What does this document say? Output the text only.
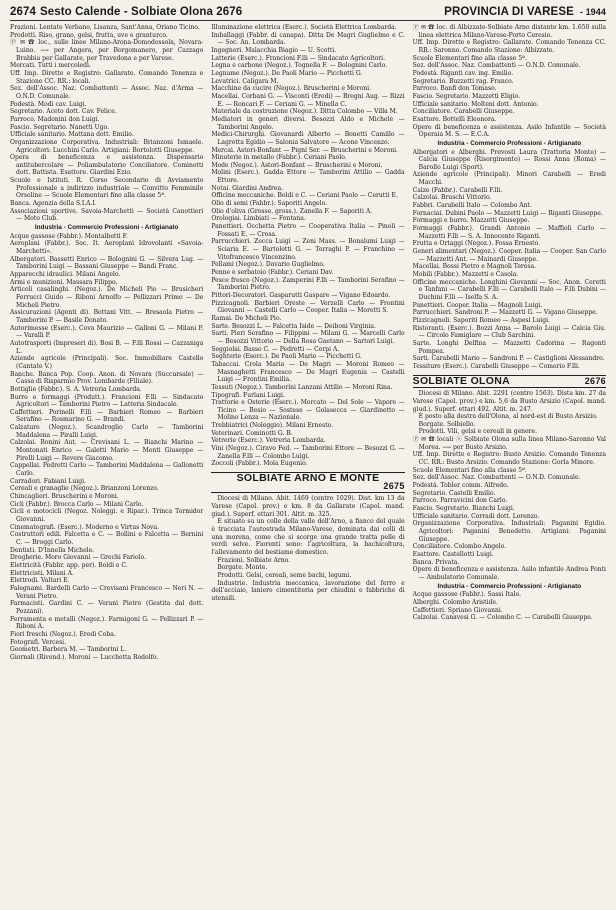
2674 Sesto Calende - Solbiate Olona 2676	PROVINCIA DI VARESE - 1944

Frazioni. Lentate Verbano, Lisanza, Sant'Anna, Oriano Ticino.

Prodotti. Riso, grano, gelsi, frutta, uve e granturco.

Ⓟ ✉ ☎ loc., sulle linee Milano-Arona-Domodossola, Novara-Luino. ⟶ per Angera, per Borgomanero, per Cazzago Brabbia per Gallarate, per Travedona e per Varese.

Mercati. Tutti i mercoledì.

Uff. Imp. Dirette e Registro: Gallarate. Comando Tenenza e Stazione CC. RR.: locali.

Sez. dell'Assoc. Naz. Combattenti — Assoc. Naz. d'Arma — O.N.D. Comunale.

Podestà. Modi cav. Luigi.

Segretario. Aceto dott. Cav. Felice.

Parroco. Madonini don Luigi.

Fascio. Segretario. Nanetti Ugo.

Ufficiale sanitario. Mattana dott. Emilio.

Organizzazione Corporativa. Industriali: Brianzoni Ismaele. Agricoltori: Lucchini Carlo. Artigiani: Bortolotti Giuseppe.

Opera di beneficenza e assistenza. Dispensario antitubercolare — Poliambulatorio Conciliatore. Cominotti dott. Battista. Esattore. Giardini Ezio.

Scuole e Istituti. R. Corso Secondario di Avviamento Professionale a indirizzo industriale — Convitto Femminile Orsoline — Scuole Elementari fino alla classe 5ª.

Banca. Agenzia della S.I.A.I.

Associazioni sportive. Savoia-Marchetti — Società Canottieri — Moto Club.

Industria - Commercio Professioni - Artigianato

Acque gassose (Fabbr.). Montalbetti F.

Aeroplani (Fabbr.). Soc. It. Aeroplani Idrovolanti «Savoia-Marchetti».

Albergatori. Bassetti Enrico — Bolognini G. — Silvera Lug. — Tamborini Luigi — Bassani Giuseppe — Bandi Franc.

Apparecchi idraulici. Milani Angelo.

Armi e munizioni. Massara Filippo.

Articoli casalinghi. (Negoz.). De Micheli Pio — Brusicheri Ferrucci Guido — Riboni Arnolfo — Pellizzari Primo — De Micheli Pietro.

Assicurazioni (Agenti di). Bottani Vitt. — Bresaola Pietro — Tamborini P. — Basile Donato.

Autorimesse (Eserc.). Cova Maurizio — Galloni G. — Milani P. — Varalli P.

Autotrasporti (Impreseri di). Bosi B. — F.lli Rossi — Cazzaniga L.

Aziende agricole (Principali). Soc. Immobiliare Castello (Cantate V.)

Banche. Banca Pop. Coop. Anon. di Novara (Succursale) — Cassa di Risparmio Prov. Lombarde (Filiale).

Bottiglie (Fabbr.). S. A. Vetreria Lombarda.

Burro e formaggi (Produtt.). Francioni F.lli — Sindacato Agricoltori — Tamborini Pietro — Latteria Sindacale.

Caffettieri. Porinelli F.lli — Barbieri Romeo — Barbieri Serafino — Rosmarino G. — Brandi.

Calzature (Negoz.). Scandroglio Carlo — Tamborini Maddalena — Piralli Luigi.

Calzolai. Bonini Aut. — Crevisani L. — Bianchi Marino — Montonati Enrico — Galetti Mario — Menti Giuseppe — Pirelli Luigi — Revere Giacomo.

Cappellai. Pedretti Carlo — Tamborini Maddalena — Gallonetti Carlo.

Carradori. Fabiani Luigi.

Cereali e granaglie (Negoz.). Brianzoni Lorenzo.

Chincaglieri. Bruscherini e Moroni.

Cicli (Fabbr.). Brocca Carlo — Milani Carlo.

Cicli e motocicli (Negoz. Noleggi. e Ripar.). Trinca Tormidor Giovanni.

Cinematografi. (Eserc.). Moderno e Virtus Nova.

Costruttori edili. Falcetta e C. — Bollini e Falcetta — Bernini C. — Broggi Carlo.

Dentisti. D'Innella Michele.

Drogherie. Moro Giovanni — Grechi Fariolo.

Elettricità (Fabbr. app. per). Boldi e C.

Elettricisti. Milani A.

Elettrodi. Valtari E.

Falegnami. Bardelli Carlo — Crevisani Francesco — Neri N. — Verani Pietro.

Farmacisti. Gardini C. — Verani Pietro (Gestita dal dott. Pezzani).

Ferramenta e metalli (Negoz.). Farmigoni G. — Pellizzari P. — Riboni A.

Fiori freschi (Negoz.). Eredi Coba.

Fotografi. Vercesi.

Geometri. Barbera M. — Tamborini L.

Giornali (Rivend.). Moroni — Lucchetta Rodolfo.

Illuminazione elettrica (Eserc.). Società Elettrica Lombarda.

Imballaggi (Fabbr. di canapa). Ditta De Magri Guglielmo e C. — Soc. An. Lombarda.

Ingegneri. Malacchia Biagio — U. Scotti.

Latterie (Eserc.). Francioni F.lli — Sindacato Agricoltori.

Legna e carbone (Negoz.). Tognella F. — Bolognini Carlo.

Legname (Negoz.). De Paoli Mario — Picchetti G.

Levatrici. Caligara M.

Macchine da cucire (Negoz.). Bruscherini e Moroni.

Macellai. Corbani G. — Visconti (Eredi) — Bregni Aug. — Rizzi E. — Roncari F. — Ceriani G. — Minella C.

Materiale da costruzione (Negoz.). Ditta Colombo — Villa M.

Mediatori in generi diversi. Besozzi Aldo e Michele — Tamborini Angelo.

Medici-Chirurghi. Giovanardi Alberto — Bonetti Camillo — Lagrotta Egidio — Salonia Salvatore — Acone Vincenzo.

Mercai. Astori-Bonfant — Pigni Ser. — Bruscherini e Moroni.

Minuterie in metallo (Fabbr.). Ceriani Paolo.

Mode (Negoz.). Astori-Bonfant — Bruscherini e Moroni.

Molini (Eserc.). Gadda Ettore — Tamborini Attilio — Gadda Ettore.

Notai. Giardini Andrea.

Officine meccaniche. Boldi e C. — Ceriani Paolo — Cerutti E.

Olio di semi (Fabbr.). Saporiti Angelo.

Olio d'oliva (Grosse. gross.). Zanella F. — Saporiti A.

Orologiai. Limbiati — Fontana.

Panettieri. Occhetta Pietro — Cooperativa Italia — Pinoli — Fossati E. — Crosa.

Parrucchieri. Zecca Luigi — Zeni Mass. — Bonalumi Luigi — Sciaria E. — Bartolotti G. — Terraghi P. — Franchino — Vitofrancesco Vincenzino.

Pellami (Negoz.). Davario Guglielmo.

Penne e serbatoio (Fabbr.). Ceriani Dav.

Pesce fresco (Negoz.). Zamperini F.lli — Tamborini Serafino — Tamborini Pietro.

Pittori-Decoratori. Gasparutti Gaspare — Vigano Edoardo.

Pizzicagnoli. Barbieri Oreste — Verzelli Carlo — Frontini Giovanni — Castelli Carlo — Cooper. Italia — Moretti S.

Ramai. De Micheli Pio.

Sarte. Besozzi L. — Falcetta Iside — Deiboni Virginia.

Sarti. Pieri Serafino — Filippini — Milani G. — Marcelli Carlo — Besozzi Vittorio — Della Rosa Gaetano — Sartori Luigi.

Seggiolai. Basso C. — Pedretti — Cerpi A.

Seghterie (Eserc.). De Paoli Mario — Picchetti G.

Tabaccai. Crola Maria — De Magri — Moroni Romeo — Masnaghetti Francesco — De Magri Eugenia — Castelli Luigi — Frontini Emilia.

Tessuti (Negoz.). Tamborini Lanzani Attilio — Moroni Rina.

Tipografi. Furlani Luigi.

Trattorie e Osterie (Eserc.). Mercato — Del Sole — Vapore — Ticino — Besio — Sostese — Golasecca — Giardinetto — Molino Lenza — Nazionale.

Trebbiatrici (Noleggio). Milani Ernesto.

Veterinari. Cominotti G. B.

Vetrerie (Eserc.). Vetreria Lombarda.

Vini (Negoz.). Ciravo Fed. — Tamborini Ettore — Besozzi G. — Zanella F.lli — Colombo Luigi.

Zoccoli (Fabbr.). Mola Eugenio.

SOLBIATE ARNO E MONTE
2675

Diocesi di Milano. Abit. 1469 (centro 1029). Dist. km 13 da Varese (Capol. prov.) e km. 8 da Gallarate (Capol. mand. giud.). Superf. ettari 301. Altit. m. 325.

E situato su un colle della valle dell'Arno, a fianco del quale è tracciata l'autostrada Milano-Varese, dominata dai colli di una morena, come che si scorge una grande tratta pelle di verdi selve. Fiorenti sono: l'agricoltura, la bachicoltura, l'allevamento del bestiame domestico.

Frazioni. Solbiate Arno.

Borgate. Monte.

Prodotti. Gelsi, cereali, seme bachi, legumi.

Industrie. Industria meccanica, lavorazione del ferro e dell'acciaio, laniere cimentiteria per chiudini e fabbriche di utensili.

Ⓟ ✉ ☎ loc. di Albizzate-Solbiate Arno distante km. 1.650 sulla linea elettrica Milano-Varese-Porto Ceresio.

Uff. Imp. Dirette e Registro: Gallarate. Comando Tenenza CC. RR.: Saronno. Comando Stazione: Albizzate.

Scuole Elementari fino alla classe 5ª.

Sez. dell'Assoc. Naz. Combattenti — O.N.D. Comunale.

Podestà. Riganti cav. ing. Emilio.

Segretario. Buzzetti rag. Franco.

Parroco. Banfi don Tomaso.

Fascio. Segretario. Mazzetti Eligio.

Ufficiale sanitario. Molteni dott. Antonio.

Conciliatore. Carabelli Giuseppe.

Esattore. Bottelli Eleonora.

Opere di beneficenza e assistenza. Asilo Infantile — Società Operaia M. S. — E.C.A.

Industria - Commercio Professioni - Artigianato

Albergatori e Alberghi. Prevosti Laura (Trattoria Monte) — Calcia Giuseppe (Risorgimento) — Rossi Anna (Roma) — Barollo Luigi (Sport).

Aziende agricole (Principali). Minori Carabelli — Eredi Macchi.

Calze (Fabbr.). Carabelli F.lli.

Calzolai. Bruschi Vittorio.

Fabbri. Carabelli Italo — Colombo Ant.

Fornaciai. Dubini Paolo — Mazzetti Luigi — Riganti Giuseppe.

Formaggi e burro. Mazzetti Giuseppe.

Formaggi (Fabbr.). Grandi Antonio — Maffioli Carlo — Mazzetti F.lli — S. A. Innocente Riganti.

Frutta e Ortaggi (Negoz.). Fossa Ernesto.

Generi alimentari (Negoz.). Cooper. Italia — Cooper. San Carlo — Mazzetti Ant. — Mainardi Giuseppe.

Macellai. Bossi Pietro e Magnoli Teresa.

Mobili (Fabbr.). Mazzetti e Casola.

Officine meccaniche. Longhini Giovanni — Soc. Anon. Ceretti e Tanfani — Carabelli F.lli — Carabelli Italo — F.lli Dubini — Duchini F.lli — Iselfa S. A.

Panettieri. Cooper. Italia — Magnoli Luigi.

Parrucchieri. Sandroni P. — Mazzetti G. — Vigano Giuseppe.

Pizzicagnoli. Saporiti Romeo — Aspesi Luigi.

Ristoranti. (Eserc.). Bozzi Anna — Barolo Luigi — Calcia Giu. — Circolo Famiglare — Club Sarchini.

Sarte. Longhi Delfina — Mazzetti Cadorina — Ragonti Pompea.

Sarti. Carabelli Mario — Sandroni P. — Castiglioni Alessandro.

Tessiture (Eserc.). Carabelli Giuseppe — Comerio F.lli.

SOLBIATE OLONA	2676

Diocesi di Milano. Abit. 2291 (centro 1563). Dista km. 27 da Varese (Capol. prov.) e km. 5,6 da Busto Arsizio (Capol. mand. giud.). Superf. ettari 492. Altit. m. 247.

È posto alla destra dell'Olona, al nord-est di Busto Arsizio.

Borgate. Solbiello.

Prodotti. Vili, gelsi e cereali in genere.

Ⓟ ✉ ☎ locali ⓢ Solbiate Olona sulla linea Milano-Saronno Val Morea. ⟶ per Busto Arsizio.

Uff. Imp. Dirette e Registro: Busto Arsizio. Comando Tenenza CC. RR.: Busto Arsizio. Comando Stazione: Gorla Minore.

Scuole Elementari fino alla classe 5ª.

Sez. dell'Assoc. Naz. Combattenti — O.N.D. Comunale.

Podestà. Tobler comm. Alfredo.

Segretario. Castelli Emilio.

Parroco. Parravicini don Carlo.

Fascio. Segretario. Bianchi Luigi.

Ufficiale sanitario. Corradi dott. Lorenzo.

Organizzazione Corporativa. Industriali: Paganini Egidio. Agricoltori: Paganini Benedetto. Artigiani: Paganini Giuseppe.

Conciliatore. Colombo Angelo.

Esattore. Castellotti Luigi.

Banca. Privata.

Opere di beneficenza e assistenza. Asilo infantile Andrea Ponti — Ambulatorio Comunale.

Industria - Commercio Professioni - Artigianato

Acque gassose (Fabbr.). Sassi Italo.

Alberghi. Colombo Aristide.

Caffettieri. Spriano Giovanni.

Calzolai. Canavesi G. — Colombo C. — Carabelli Giuseppe.
